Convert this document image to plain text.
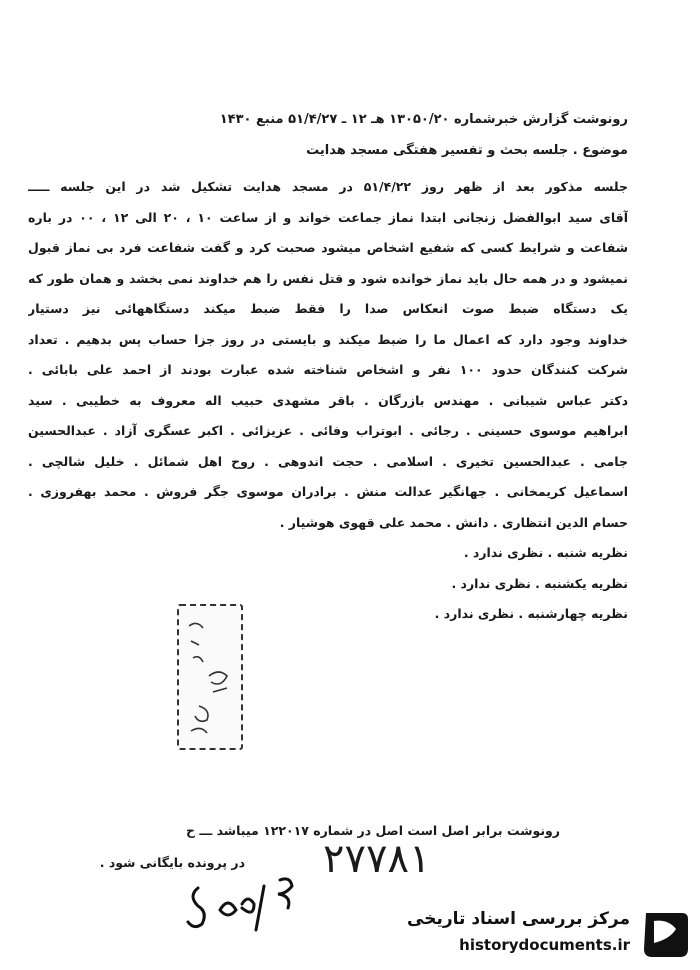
رونوشت گزارش خبرشماره ۱۳۰۵۰/۲۰ هـ ۱۲ ـ ۵۱/۴/۲۷ منبع ۱۴۳۰
موضوع . جلسه بحث و تفسیر هفتگی مسجد هدایت
جلسه مذکور بعد از ظهر روز ۵۱/۴/۲۲ در مسجد هدایت تشکیل شد در این جلسه ـــــ
آقای سید ابوالفضل زنجانی ابتدا نماز جماعت خواند و از ساعت ۱۰ ، ۲۰ الی ۱۲ ، ۰۰ در باره
شفاعت و شرایط کسی که شفیع اشخاص میشود صحبت کرد و گفت شفاعت فرد بی نماز قبول
نمیشود و در همه حال باید نماز خوانده شود و قتل نفس را هم خداوند نمی بخشد و همان طور که
یک دستگاه ضبط صوت انعکاس صدا را فقط ضبط میکند دستگاههائی نیز دستیار
خداوند وجود دارد که اعمال ما را ضبط میکند و بایستی در روز جزا حساب پس بدهیم . تعداد
شرکت کنندگان حدود ۱۰۰ نفر و اشخاص شناخته شده عبارت بودند از احمد علی بابائی .
دکتر عباس شیبانی . مهندس بازرگان . باقر مشهدی حبیب اله معروف به خطیبی . سید
ابراهیم موسوی حسینی . رجائی . ابوتراب وفائی . عزیزائی . اکبر عسگری آزاد . عبدالحسین
جامی . عبدالحسین تخیری . اسلامی . حجت اندوهی . روح اهل شمائل . خلیل شالچی .
اسماعیل کریمخانی . جهانگیر عدالت منش . برادران موسوی جگر فروش . محمد بهفروزی .
حسام الدین انتظاری . دانش . محمد علی قهوی هوشیار .
نظریه شنبه . نظری ندارد .
نظریه یکشنبه . نظری ندارد .
نظریه چهارشنبه . نظری ندارد .
رونوشت برابر اصل است اصل در شماره ۱۲۲۰۱۷ میباشد ـــ ح
در پرونده بایگانی شود . ۲۷۷۸۱
مرکز بررسی اسناد تاریخی
historydocuments.ir
